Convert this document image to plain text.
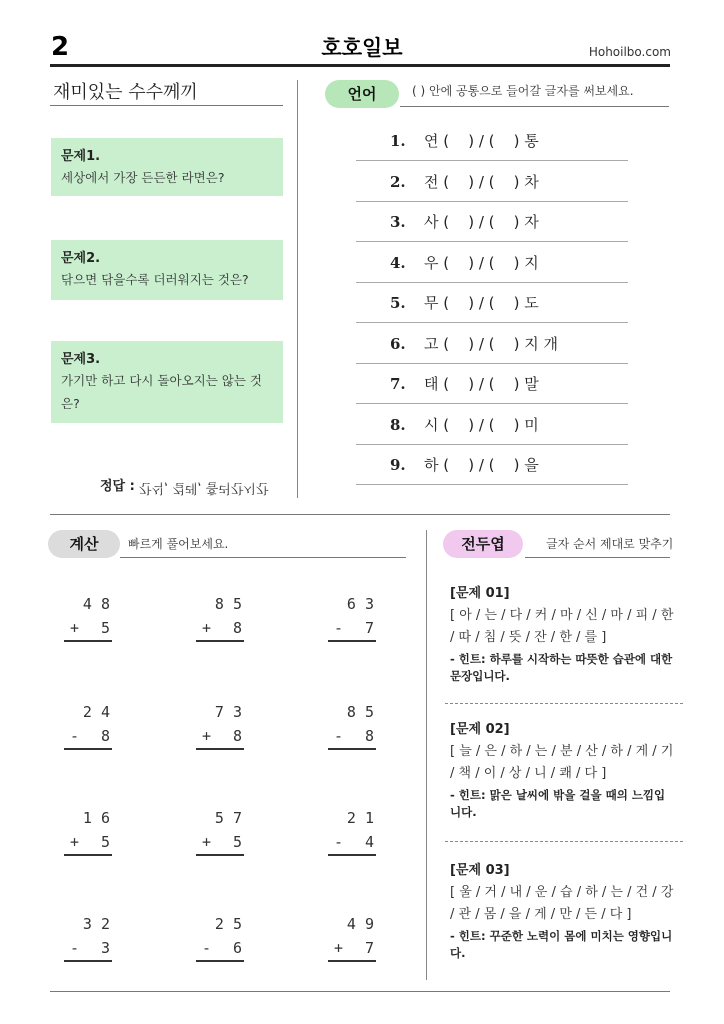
2	호호일보	Hohoilbo.com
재미있는 수수께끼
문제1.
세상에서 가장 든든한 라면은?
문제2.
닦으면 닦을수록 더러워지는 것은?
문제3.
가기만 하고 다시 돌아오지는 않는 것은?
정답 : 간식, 걸레, 흘러간시간
언어	( ) 안에 공통으로 들어갈 글자를 써보세요.
1. 연 (    ) / (    ) 통
2. 전 (    ) / (    ) 차
3. 사 (    ) / (    ) 자
4. 우 (    ) / (    ) 지
5. 무 (    ) / (    ) 도
6. 고 (    ) / (    ) 지 개
7. 태 (    ) / (    ) 말
8. 시 (    ) / (    ) 미
9. 하 (    ) / (    ) 을
계산	빠르게 풀어보세요.
4 8
+ 5
8 5
+ 8
6 3
- 7
2 4
- 8
7 3
+ 8
8 5
- 8
1 6
+ 5
5 7
+ 5
2 1
- 4
3 2
- 3
2 5
- 6
4 9
+ 7
전두엽	글자 순서 제대로 맞추기
[문제 01]
[ 아 / 는 / 다 / 커 / 마 / 신 / 마 / 피 / 한 / 따 / 침 / 뜻 / 잔 / 한 / 를 ]
- 힌트: 하루를 시작하는 따뜻한 습관에 대한 문장입니다.
[문제 02]
[ 늘 / 은 / 하 / 는 / 분 / 산 / 하 / 게 / 기 / 책 / 이 / 상 / 니 / 쾌 / 다 ]
- 힌트: 맑은 날씨에 밖을 걸을 때의 느낌입니다.
[문제 03]
[ 울 / 거 / 내 / 운 / 습 / 하 / 는 / 건 / 강 / 관 / 몸 / 을 / 게 / 만 / 든 / 다 ]
- 힌트: 꾸준한 노력이 몸에 미치는 영향입니다.
